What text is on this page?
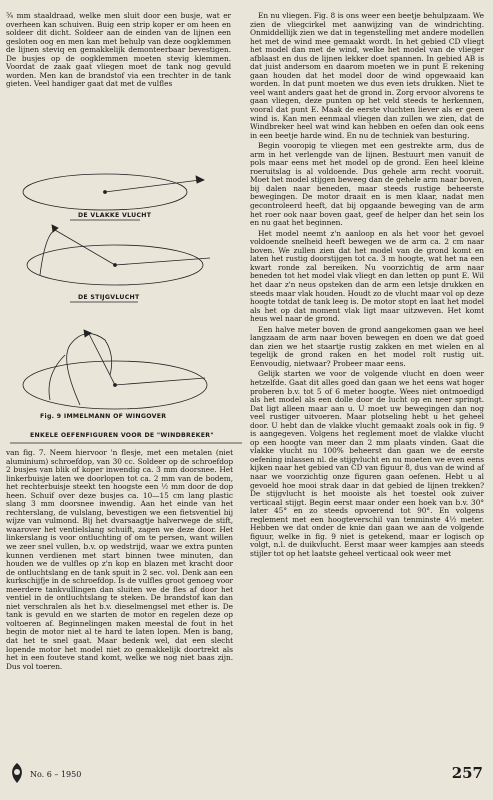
¾ mm staaldraad, welke men sluit door een busje, wat er overheen kan schuiven. Buig een strip koper er om heen en soldeer dit dicht. Soldeer aan de einden van de lijnen een gesloten oog en men kan met behulp van deze oogklemmen de lijnen steviq en gemakkelijk demonteerbaar bevestigen. De busjes op de oogklemmen moeten stevig klemmen. Voordat de zaak gaat vliegen moet de tank nog gevuld worden. Men kan de brandstof via een trechter in de tank gieten. Veel handiger gaat dat met de vulfles

DE VLAKKE VLUCHT
DE STIJGVLUCHT
Fig. 9 IMMELMANN OF WINGOVER
ENKELE OEFENFIGUREN VOOR DE "WINDBREKER"

van fig. 7. Neem hiervoor 'n flesje, met een metalen (niet aluminium) schroefdop, van 30 cc. Soldeer op de schroefdop 2 busjes van blik of koper inwendig ca. 3 mm doorsnee. Het linkerbuisje laten we doorlopen tot ca. 2 mm van de bodem, het rechterbuisje steekt ten hoogste een ½ mm door de dop heen. Schuif over deze busjes ca. 10—15 cm lang plastic slang 3 mm doorsnee inwendig. Aan het einde van het rechterslang, de vulslang, bevestigen we een fietsventiel bij wijze van vulmond. Bij het dvarsaagtje halverwege de stift, waarover het ventielslang schuift, zagen we deze door. Het linkerslang is voor ontluchting of om te persen, want willen we zeer snel vullen, b.v. op wedstrijd, waar we extra punten kunnen verdienen met start binnen twee minuten, dan houden we de vulfles op z'n kop en blazen met kracht door de ontluchtslang en de tank spuit in 2 sec. vol. Denk aan een kurkschijfje in de schroefdop. Is de vulfles groot genoeg voor meerdere tankvullingen dan sluiten we de fles af door het ventiel in de ontluchtslang te steken. De brandstof kan dan niet verschralen als het b.v. dieselmengsel met ether is. De tank is gevuld en we starten de motor en regelen deze op voltoeren af. Beginnelingen maken meestal de fout in het begin de motor niet al te hard te laten lopen. Men is bang, dat het te snel gaat. Maar bedenk wel, dat een slecht lopende motor het model niet zo gemakkelijk doortrekt als het in een fouteve stand komt, welke we nog niet baas zijn. Dus vol toeren.

En nu vliegen. Fig. 8 is ons weer een beetje behulpzaam. We zien de vliegcirkel met aanwijzing van de windrichting. Onmiddellijk zien we dat in tegenstelling met andere modellen het met de wind mee gemaakt wordt. In het gebied CD vliegt het model dan met de wind, welke het model van de vlieger afblaast en dus de lijnen lekker doet spannen. In gebied AB is dat juist andersom en daarom moeten we in punt E rekening gaan houden dat het model door de wind opgewaaid kan worden. In dat punt moeten we dus even iets drukken. Niet te veel want anders gaat het de grond in. Zorg ervoor alvorens te gaan vliegen, deze punten op het veld steeds te herkennen, vooral dat punt E. Maak de eerste vluchten liever als er geen wind is. Kan men eenmaal vliegen dan zullen we zien, dat de Windbreker heel wat wind kan hebben en oefen dan ook eens in een beetje harde wind. En nu de techniek van besturing.

Begin vooropig te vliegen met een gestrekte arm, dus de arm in het verlengde van de lijnen. Bestuurt men vanuit de pols maar eens met het model op de grond. Een heel kleine roeruitslag is al voldoende. Dus gehele arm recht vooruit. Moet het model stijgen beweeg dan de gehele arm naar boven, bij dalen naar beneden, maar steeds rustige beheerste bewegingen. De motor draait en is men klaar, nadat men gecontroleerd heeft, dat bij opgaande beweging van de arm het roer ook naar boven gaat, geef de helper dan het sein los en nu gaat het beginnen.

Het model neemt z'n aanloop en als het voor het gevoel voldoende snelheid heeft bewegen we de arm ca. 2 cm naar boven. We zullen zien dat het model van de grond komt en laten het rustig doorstijgen tot ca. 3 m hoogte, wat het na een kwart ronde zal bereiken. Nu voorzichtig de arm naar beneden tot het model vlak vliegt en dan letten op punt E. Wil het daar z'n neus opsteken dan de arm een letsje drukken en steeds maar vlak houden. Houdt zo de vlucht maar vol op deze hoogte totdat de tank leeg is. De motor stopt en laat het model als het op dat moment vlak ligt maar uitzweven. Het komt heus wel naar de grond.

Een halve meter boven de grond aangekomen gaan we heel langzaam de arm naar boven bewegen en doen we dat goed dan zien we het staartje rustig zakken en met wielen en al tegelijk de grond raken en het model rolt rustig uit. Eenvoudig, nietwaar? Probeer maar eens.

Gelijk starten we voor de volgende vlucht en doen weer hetzelfde. Gaat dit alles goed dan gaan we het eens wat hoger proberen b.v. tot 5 of 6 meter hoogte. Wees niet ontmoedigd als het model als een dolle door de lucht op en neer springt. Dat ligt alleen maar aan u. U moet uw bewegingen dan nog veel rustiger uitvoeren. Maar plotseling hebt u het geheel door. U hebt dan de vlakke vlucht gemaakt zoals ook in fig. 9 is aangegeven. Volgens het reglement moet de vlakke vlucht op een hoogte van meer dan 2 mm plaats vinden. Gaat die vlakke vlucht nu 100% beheerst dan gaan we de eerste oefening inlassen nl. de stijgvlucht en nu moeten we even eens kijken naar het gebied van CD van figuur 8, dus van de wind af naar we voorzichtig onze figuren gaan oefenen. Hebt u al gevoeld hoe mooi strak daar in dat gebied de lijnen trekken? De stijgvlucht is het mooiste als het toestel ook zuiver verticaal stijgt. Begin eerst maar onder een hoek van b.v. 30° later 45° en zo steeds opvoerend tot 90°. En volgens reglement met een hoogteverschil van tenminste 4½ meter. Hebben we dat onder de knie dan gaan we aan de volgende figuur, welke in fig. 9 niet is getekend, maar er logisch op volgt, n.l. de duikvlucht. Eerst maar weer kampjes aan steeds stijler tot op het laatste geheel verticaal ook weer met

No. 6 – 1950	257
